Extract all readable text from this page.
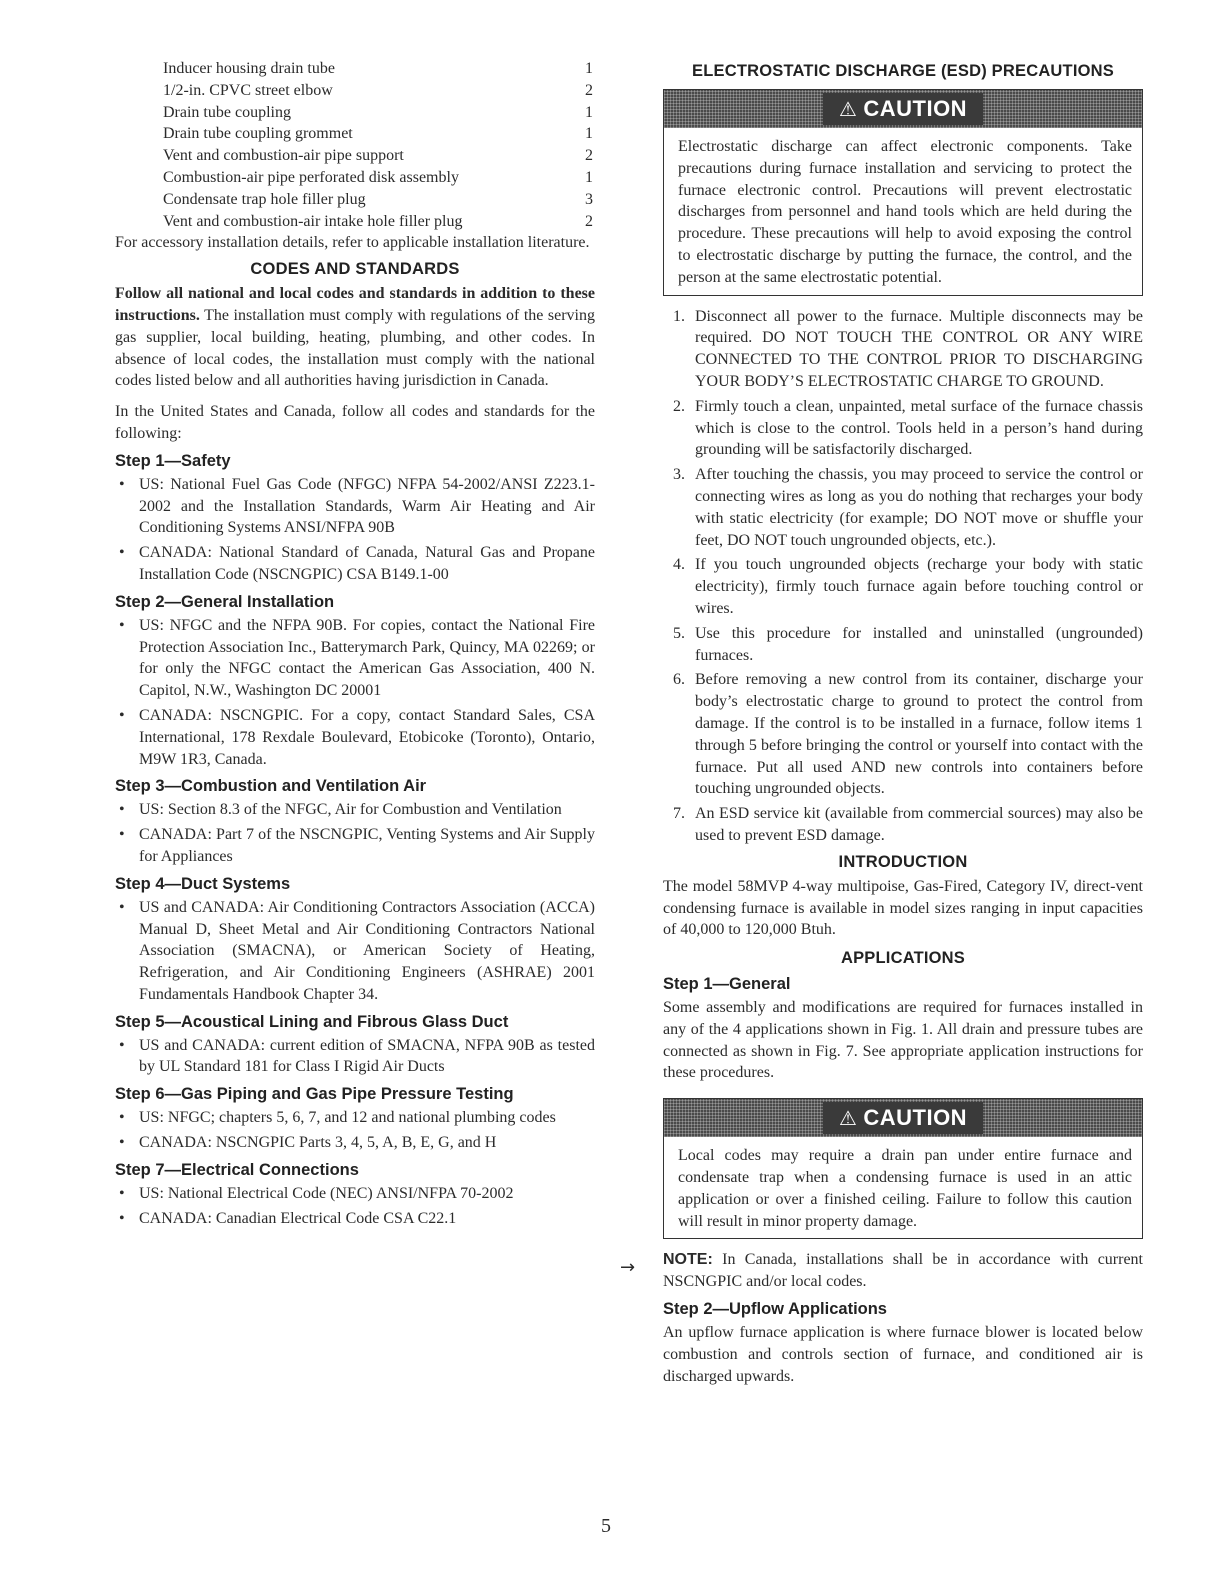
Inducer housing drain tube	1
1/2-in. CPVC street elbow	2
Drain tube coupling	1
Drain tube coupling grommet	1
Vent and combustion-air pipe support	2
Combustion-air pipe perforated disk assembly	1
Condensate trap hole filler plug	3
Vent and combustion-air intake hole filler plug	2

For accessory installation details, refer to applicable installation literature.

CODES AND STANDARDS

Follow all national and local codes and standards in addition to these instructions. The installation must comply with regulations of the serving gas supplier, local building, heating, plumbing, and other codes. In absence of local codes, the installation must comply with the national codes listed below and all authorities having jurisdiction in Canada.

In the United States and Canada, follow all codes and standards for the following:

Step 1—Safety
• US: National Fuel Gas Code (NFGC) NFPA 54-2002/ANSI Z223.1-2002 and the Installation Standards, Warm Air Heating and Air Conditioning Systems ANSI/NFPA 90B
• CANADA: National Standard of Canada, Natural Gas and Propane Installation Code (NSCNGPIC) CSA B149.1-00
Step 2—General Installation
• US: NFGC and the NFPA 90B. For copies, contact the National Fire Protection Association Inc., Batterymarch Park, Quincy, MA 02269; or for only the NFGC contact the American Gas Association, 400 N. Capitol, N.W., Washington DC 20001
• CANADA: NSCNGPIC. For a copy, contact Standard Sales, CSA International, 178 Rexdale Boulevard, Etobicoke (Toronto), Ontario, M9W 1R3, Canada.
Step 3—Combustion and Ventilation Air
• US: Section 8.3 of the NFGC, Air for Combustion and Ventilation
• CANADA: Part 7 of the NSCNGPIC, Venting Systems and Air Supply for Appliances
Step 4—Duct Systems
• US and CANADA: Air Conditioning Contractors Association (ACCA) Manual D, Sheet Metal and Air Conditioning Contractors National Association (SMACNA), or American Society of Heating, Refrigeration, and Air Conditioning Engineers (ASHRAE) 2001 Fundamentals Handbook Chapter 34.
Step 5—Acoustical Lining and Fibrous Glass Duct
• US and CANADA: current edition of SMACNA, NFPA 90B as tested by UL Standard 181 for Class I Rigid Air Ducts
Step 6—Gas Piping and Gas Pipe Pressure Testing
• US: NFGC; chapters 5, 6, 7, and 12 and national plumbing codes
• CANADA: NSCNGPIC Parts 3, 4, 5, A, B, E, G, and H
Step 7—Electrical Connections
• US: National Electrical Code (NEC) ANSI/NFPA 70-2002
• CANADA: Canadian Electrical Code CSA C22.1
ELECTROSTATIC DISCHARGE (ESD) PRECAUTIONS
⚠ CAUTION

Electrostatic discharge can affect electronic components. Take precautions during furnace installation and servicing to protect the furnace electronic control. Precautions will prevent electrostatic discharges from personnel and hand tools which are held during the procedure. These precautions will help to avoid exposing the control to electrostatic discharge by putting the furnace, the control, and the person at the same electrostatic potential.

1. Disconnect all power to the furnace. Multiple disconnects may be required. DO NOT TOUCH THE CONTROL OR ANY WIRE CONNECTED TO THE CONTROL PRIOR TO DISCHARGING YOUR BODY’S ELECTROSTATIC CHARGE TO GROUND.
2. Firmly touch a clean, unpainted, metal surface of the furnace chassis which is close to the control. Tools held in a person’s hand during grounding will be satisfactorily discharged.
3. After touching the chassis, you may proceed to service the control or connecting wires as long as you do nothing that recharges your body with static electricity (for example; DO NOT move or shuffle your feet, DO NOT touch ungrounded objects, etc.).
4. If you touch ungrounded objects (recharge your body with static electricity), firmly touch furnace again before touching control or wires.
5. Use this procedure for installed and uninstalled (ungrounded) furnaces.
6. Before removing a new control from its container, discharge your body’s electrostatic charge to ground to protect the control from damage. If the control is to be installed in a furnace, follow items 1 through 5 before bringing the control or yourself into contact with the furnace. Put all used AND new controls into containers before touching ungrounded objects.
7. An ESD service kit (available from commercial sources) may also be used to prevent ESD damage.
INTRODUCTION

The model 58MVP 4-way multipoise, Gas-Fired, Category IV, direct-vent condensing furnace is available in model sizes ranging in input capacities of 40,000 to 120,000 Btuh.

APPLICATIONS
Step 1—General

Some assembly and modifications are required for furnaces installed in any of the 4 applications shown in Fig. 1. All drain and pressure tubes are connected as shown in Fig. 7. See appropriate application instructions for these procedures.

⚠ CAUTION

Local codes may require a drain pan under entire furnace and condensate trap when a condensing furnace is used in an attic application or over a finished ceiling. Failure to follow this caution will result in minor property damage.

NOTE: In Canada, installations shall be in accordance with current NSCNGPIC and/or local codes.

Step 2—Upflow Applications

An upflow furnace application is where furnace blower is located below combustion and controls section of furnace, and conditioned air is discharged upwards.

→
5
